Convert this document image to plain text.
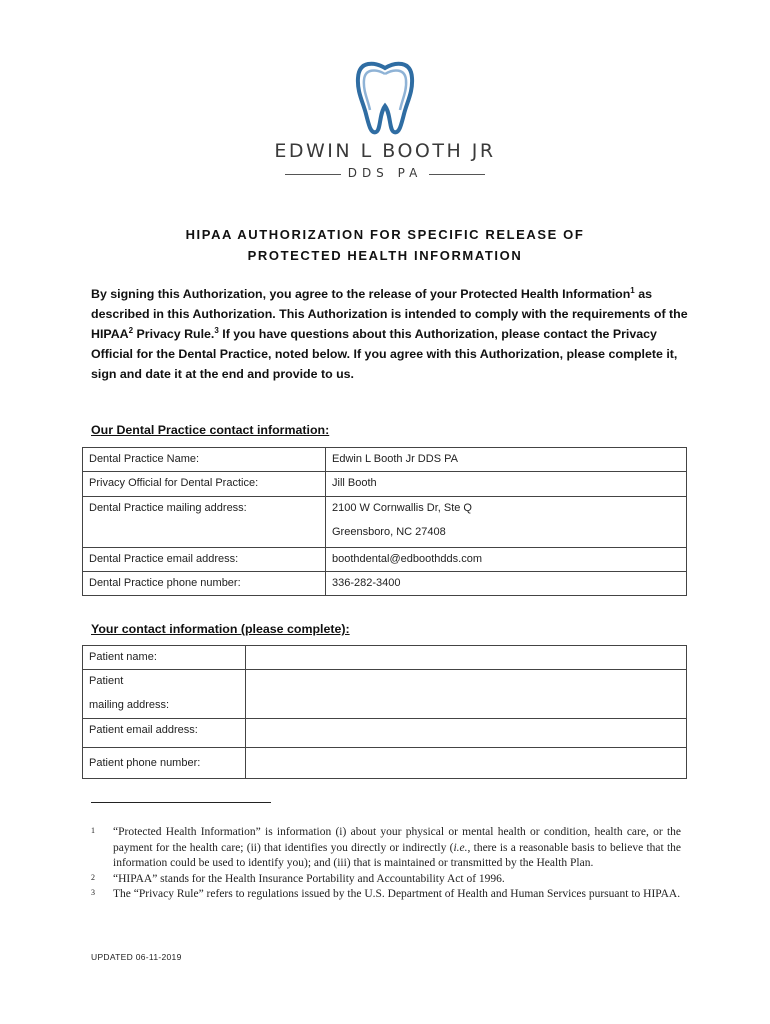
EDWIN L BOOTH JR
DDS PA
HIPAA AUTHORIZATION FOR SPECIFIC RELEASE OF
PROTECTED HEALTH INFORMATION
By signing this Authorization, you agree to the release of your Protected Health Information$^1$ as described in this Authorization. This Authorization is intended to comply with the requirements of the HIPAA$^2$ Privacy Rule.$^3$ If you have questions about this Authorization, please contact the Privacy Official for the Dental Practice, noted below. If you agree with this Authorization, please complete it, sign and date it at the end and provide to us.
Our Dental Practice contact information:
Dental Practice Name:	Edwin L Booth Jr DDS PA
Privacy Official for Dental Practice:	Jill Booth
Dental Practice mailing address:	2100 W Cornwallis Dr, Ste Q
Greensboro, NC 27408

Dental Practice email address:	boothdental@edboothdds.com
Dental Practice phone number:	336-282-3400
Your contact information (please complete):
Patient name:	

Patient
mailing address:	

Patient email address:	
Patient phone number:	
1 “Protected Health Information” is information (i) about your physical or mental health or condition, health care, or the payment for the health care; (ii) that identifies you directly or indirectly (i.e., there is a reasonable basis to believe that the information could be used to identify you); and (iii) that is maintained or transmitted by the Health Plan.
2 “HIPAA” stands for the Health Insurance Portability and Accountability Act of 1996.
3 The “Privacy Rule” refers to regulations issued by the U.S. Department of Health and Human Services pursuant to HIPAA.
UPDATED 06-11-2019
